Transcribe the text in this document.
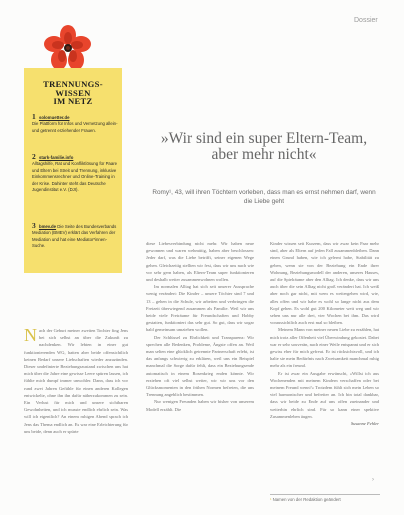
Dossier
TRENNUNGS-
WISSEN
IM NETZ
1 solomuetter.de
Die Plattform für Infos und Vernetzung allein- und getrennt erziehender Frauen.
2 stark-familie.info
Alltagshilfe, Rat und Konfliktlösung für Paare und Eltern bei Streit und Trennung, inklusive Einkommensrechner und Online-Training in der Krise. Dahinter steht das Deutsche Jugendinstitut e.V. (DJI).
3 bmev.de Die Seite des Bundesverbands Mediation (BMEV) erklärt das Verfahren der Mediation und hat eine Mediator*innen-Suche.
»Wir sind ein super Eltern-Team, aber mehr nicht«
Romy¹, 43, will ihren Töchtern vorleben, dass man es ernst nehmen darf, wenn die Liebe geht

Nach der Geburt meiner zweiten Tochter fing Jens bei sich selbst an über die Zukunft zu nachdenken. Wir lebten in einer gut funktionierenden WG, hatten aber beide offensichtlich keinen Bedarf unsere Liebschaften wieder anzuzünden. Dieser undefinierte Beziehungszustand zwischen uns hat mich über die Jahre eine gewisse Leere spüren lassen, ich fühlte mich dumpf immer unwohler. Dann, dass ich vor rund zwei Jahren Gefühle für einen anderen Kollegen entwickelte, ohne ihn ihn dafür näherzukommen zu sein. Ein Verlust für mich und unsere sichtbaren Gewohnheiten, und ich musste endlich ehrlich sein. Was will ich eigentlich? An einem ruhigen Abend sprach ich Jens das Thema endlich an. Es war eine Erleichterung für uns beide, denn auch er spürte

diese Liebesverbindung nicht mehr. Wir haben neue gewonnen und waren wehmütig, haben aber beschlossen: Jeder darf, was die Liebe betrifft, seiner eigenen Wege gehen. Gleichzeitig stellten wir fest, dass wir uns nach wie vor sehr gern haben, als Eltern-Team super funktionieren und deshalb weiter zusammenwohnen wollen.

Im normalen Alltag hat sich seit unserer Aussprache wenig verändert: Die Kinder – unsere Töchter sind 7 und 13 – gehen in die Schule, wir arbeiten und verbringen die Freizeit überwiegend zusammen als Familie. Weil wir uns beide viele Freiräume für Freundschaften und Hobby gestatten, funktioniert das sehr gut. So gut, dass wir sogar bald gemeinsam umziehen wollen.

Der Schlüssel zu Ehrlichkeit und Transparenz: Wir sprechen alle Bedenken, Probleme, Ängste offen an. Weil man selten eine glücklich getrennte Partnerschaft erlebt, ist das anfangs schwierig zu erklären, weil uns ein Beispiel manchmal die Sorge dafür fehlt, dass ein Beziehungsende automatisch in einem Rosenkrieg enden könnte. Wir erziehen oft viel selbst weiter, wir wir uns vor den Glücksmomenten in den frühen Normen befreien, die uns Trennung angeblich bestimmen.

Nur wenigen Freunden haben wir bisher von unserem Modell erzählt. Die

Kinder wissen seit Kurzem, dass wir zwar kein Paar mehr sind, aber als Eltern auf jeden Fall zusammenbleiben. Dann einen Grund haben, wie ich gelernt habe, Stabilität zu geben, wenn sie von der Beziehung ein Ende ihrer Wohnung, Beziehungsmodell der anderen, unseres Hauses, auf die Spielräume aber den Alltag. Ich denke, dass wir uns auch über die sein Alltag nicht groß verändert hat. Ich weiß aber noch gar nicht, mit wem es weitergehen wird, wie, alles offen und wir habe es wohl so lange nicht aus dem Kopf gehen. Es wohl gut 200 Kilometer weit weg und wir sehen uns nur alle drei, vier Wochen bei ihm. Das wird voraussichtlich auch erst mal so bleiben.

Meinem Mann von meiner neuen Liebe zu erzählen, hat mich trotz aller Offenheit viel Überwindung gekostet. Dabei war er sehr souverän, nach einer Weile entspannt und er sich gewiss eher für mich gefreut. Er ist rücksichtsvoll, und ich halte sie mein Bedürfnis nach Zweisamkeit manchmal ruhig mehr als ein freund.

Er ist zwar ein Ausgabe erwünscht, »Willst ich aus Wochenenden mit meinem Kindern verschaffen oder bei meinem Freund wenn?« Trotzdem fühlt sich mein Leben so viel harmonischer und befreiter an. Ich bin total dankbar, dass wir beide zu Ende auf uns offen zueinander und weiterhin ehrlich sind. Für so kann einer spektive Zusammenleben äugen.

Susanne Fehler

›
¹ Namen von der Redaktion geändert
